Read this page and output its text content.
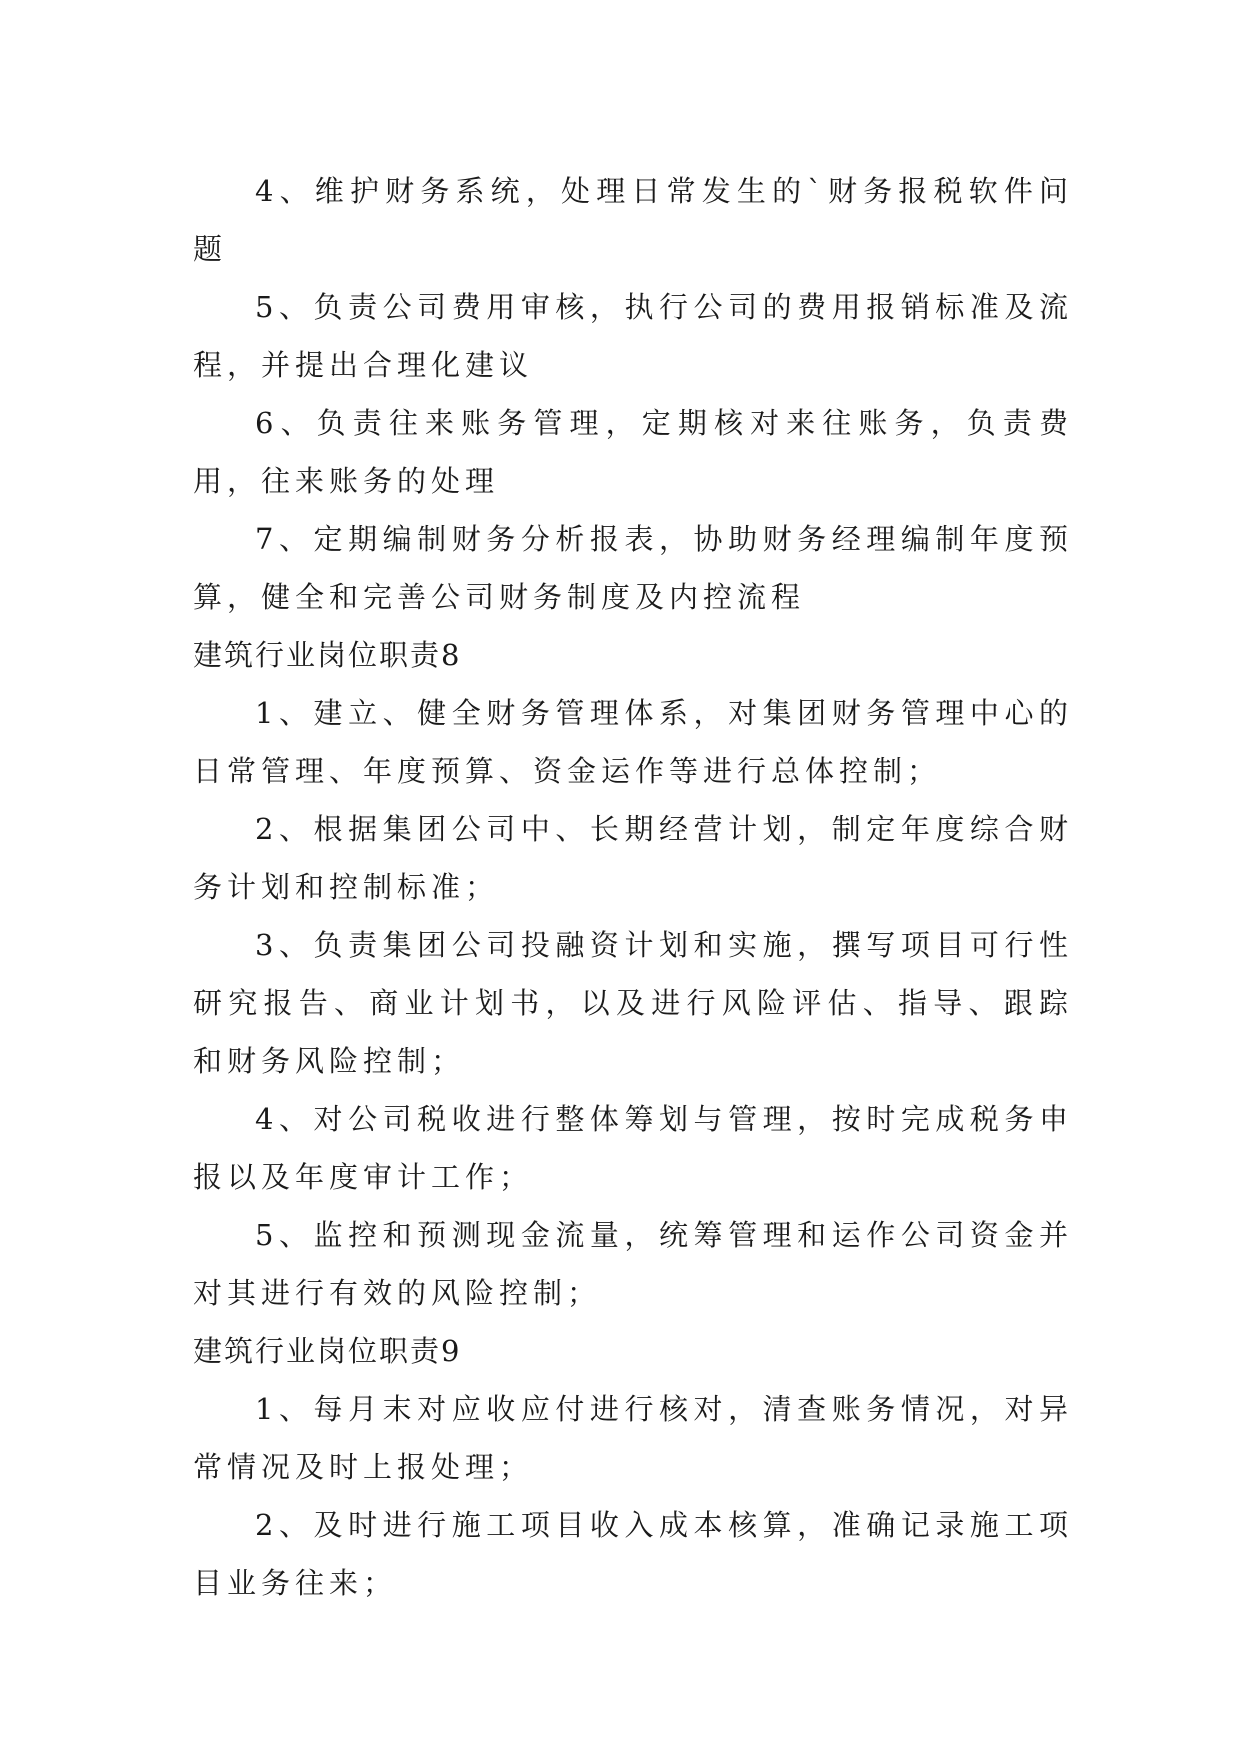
4、维护财务系统，处理日常发生的`财务报税软件问题

5、负责公司费用审核，执行公司的费用报销标准及流程，并提出合理化建议

6、负责往来账务管理，定期核对来往账务，负责费用，往来账务的处理

7、定期编制财务分析报表，协助财务经理编制年度预算，健全和完善公司财务制度及内控流程

建筑行业岗位职责8

1、建立、健全财务管理体系，对集团财务管理中心的日常管理、年度预算、资金运作等进行总体控制；

2、根据集团公司中、长期经营计划，制定年度综合财务计划和控制标准；

3、负责集团公司投融资计划和实施，撰写项目可行性研究报告、商业计划书，以及进行风险评估、指导、跟踪和财务风险控制；

4、对公司税收进行整体筹划与管理，按时完成税务申报以及年度审计工作；

5、监控和预测现金流量，统筹管理和运作公司资金并对其进行有效的风险控制；

建筑行业岗位职责9

1、每月末对应收应付进行核对，清查账务情况，对异常情况及时上报处理；

2、及时进行施工项目收入成本核算，准确记录施工项目业务往来；
